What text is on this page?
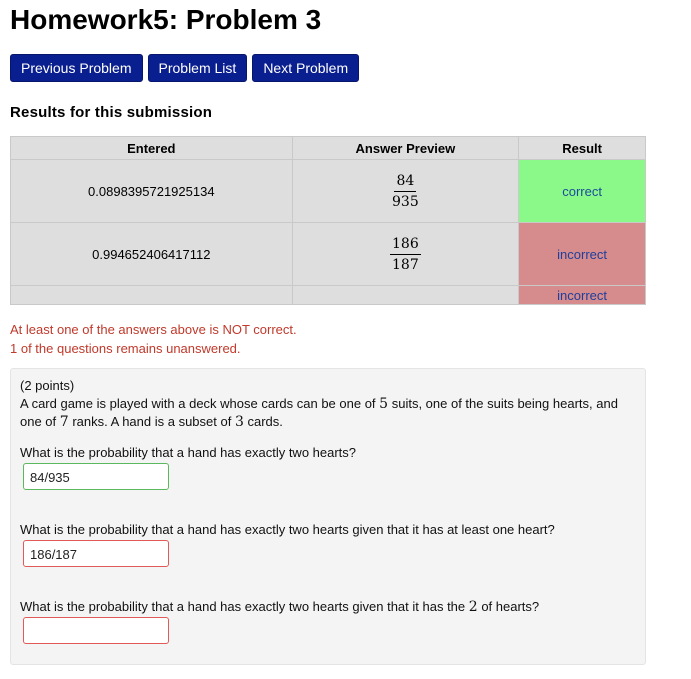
Homework5: Problem 3
Previous Problem	Problem List	Next Problem
Results for this submission
Entered	Answer Preview	Result
0.0898395721925134	$\frac{84}{935}$	correct
0.994652406417112	$\frac{186}{187}$	incorrect
		incorrect
At least one of the answers above is NOT correct.
1 of the questions remains unanswered.
(2 points)
A card game is played with a deck whose cards can be one of 5 suits, one of the suits being hearts, and one of 7 ranks. A hand is a subset of 3 cards.
What is the probability that a hand has exactly two hearts?
84/935
What is the probability that a hand has exactly two hearts given that it has at least one heart?
186/187
What is the probability that a hand has exactly two hearts given that it has the 2 of hearts?
